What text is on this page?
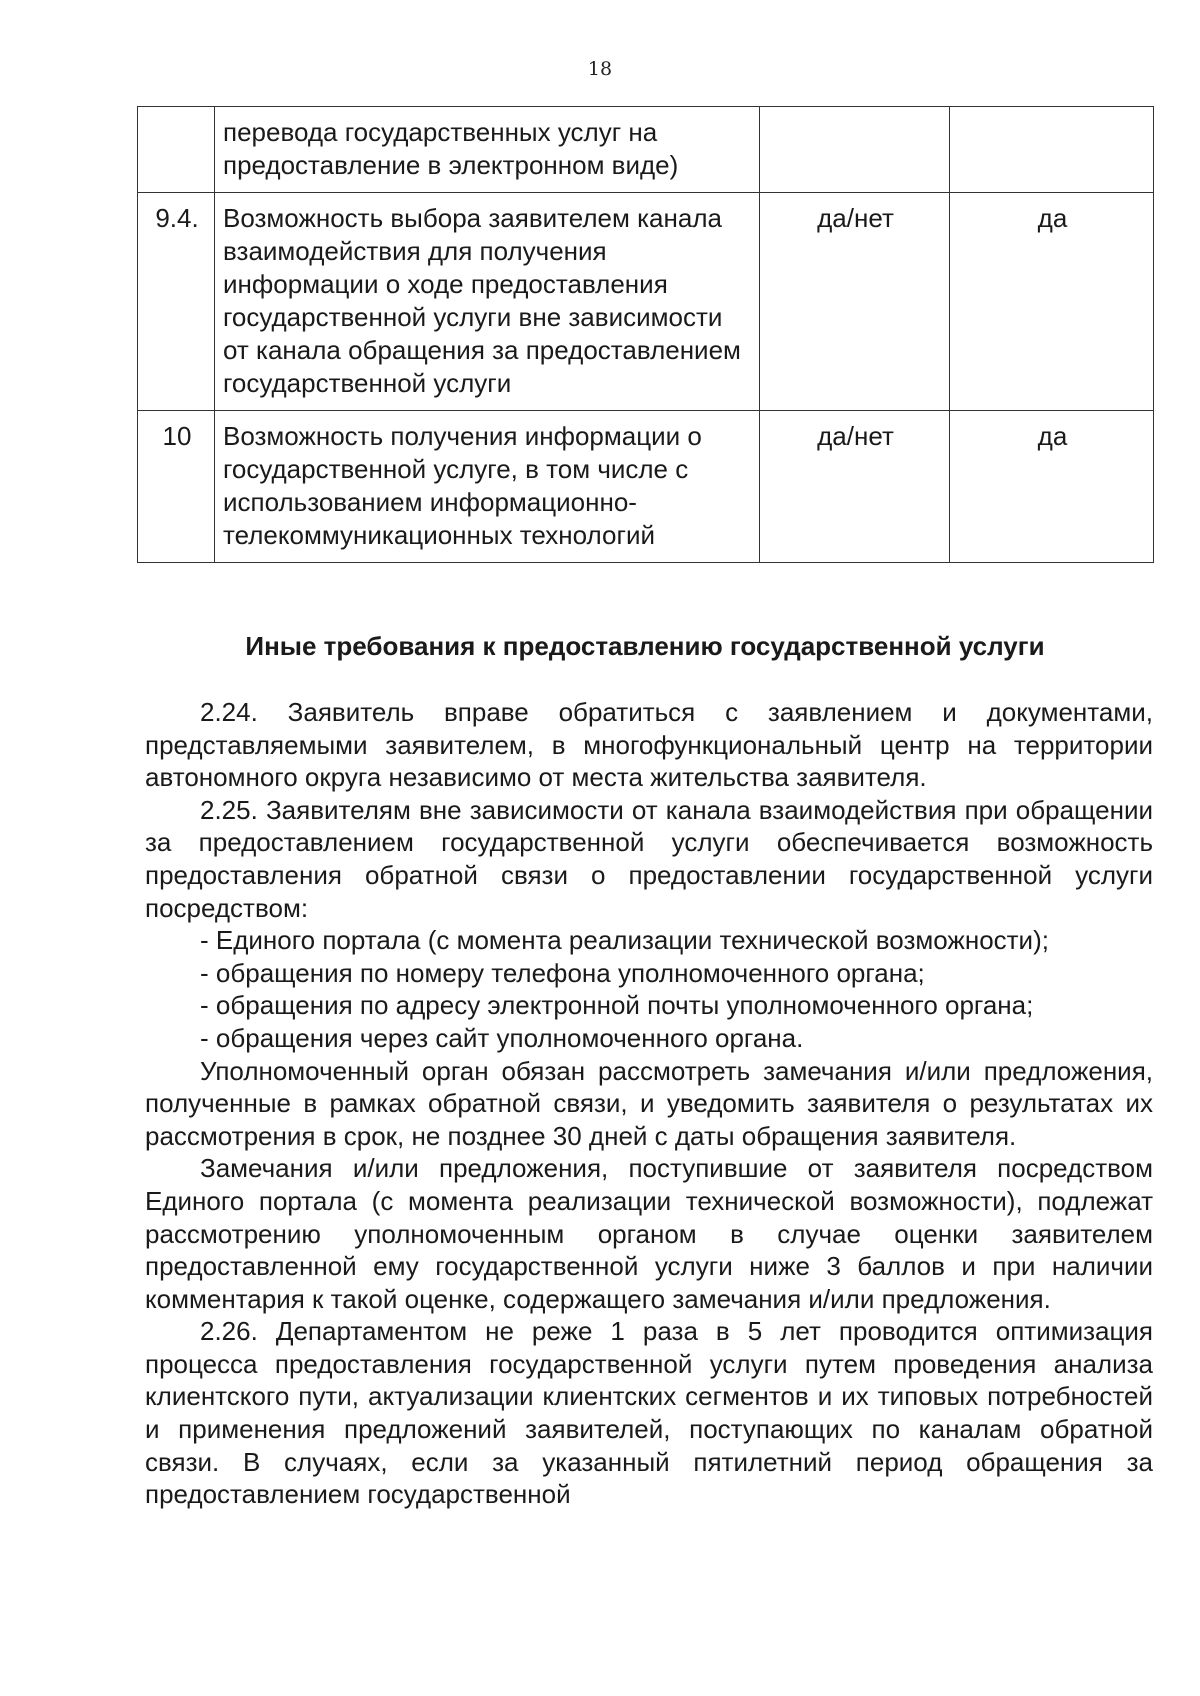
18
	перевода государственных услуг на предоставление в электронном виде)		
9.4.	Возможность выбора заявителем канала взаимодействия для получения информации о ходе предоставления государственной услуги вне зависимости от канала обращения за предоставлением государственной услуги	да/нет	да
10	Возможность получения информации о государственной услуге, в том числе с использованием информационно-телекоммуникационных технологий	да/нет	да
Иные требования к предоставлению государственной услуги

2.24. Заявитель вправе обратиться с заявлением и документами, представляемыми заявителем, в многофункциональный центр на территории автономного округа независимо от места жительства заявителя.

2.25. Заявителям вне зависимости от канала взаимодействия при обращении за предоставлением государственной услуги обеспечивается возможность предоставления обратной связи о предоставлении государственной услуги посредством:

- Единого портала (с момента реализации технической возможности);

- обращения по номеру телефона уполномоченного органа;

- обращения по адресу электронной почты уполномоченного органа;

- обращения через сайт уполномоченного органа.

Уполномоченный орган обязан рассмотреть замечания и/или предложения, полученные в рамках обратной связи, и уведомить заявителя о результатах их рассмотрения в срок, не позднее 30 дней с даты обращения заявителя.

Замечания и/или предложения, поступившие от заявителя посредством Единого портала (с момента реализации технической возможности), подлежат рассмотрению уполномоченным органом в случае оценки заявителем предоставленной ему государственной услуги ниже 3 баллов и при наличии комментария к такой оценке, содержащего замечания и/или предложения.

2.26. Департаментом не реже 1 раза в 5 лет проводится оптимизация процесса предоставления государственной услуги путем проведения анализа клиентского пути, актуализации клиентских сегментов и их типовых потребностей и применения предложений заявителей, поступающих по каналам обратной связи. В случаях, если за указанный пятилетний период обращения за предоставлением государственной
